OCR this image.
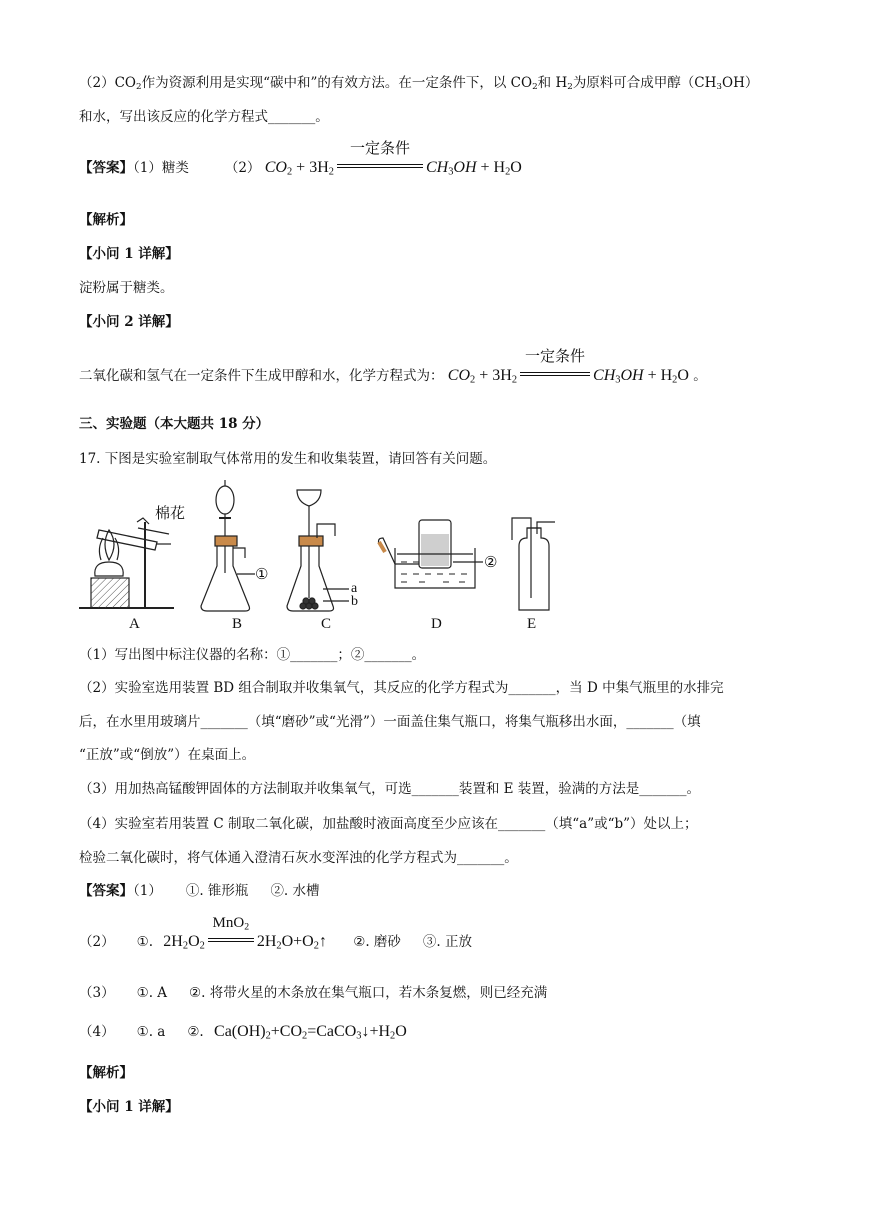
$(2)CO_2$作为资源利用是实现“碳中和”的有效方法。在一定条件下，以 $CO_2$和 $H_2$为原料可合成甲醇$(CH_3OH)$
和水，写出该反应的化学方程式_______。
【答案】（1）糖类	（2） $CO_2 + 3H_2$
一定条件
$CH_3OH + H_2O$
【解析】
【小问 1 详解】
淀粉属于糖类。
【小问 2 详解】
二氧化碳和氢气在一定条件下生成甲醇和水，化学方程式为： $CO_2 + 3H_2$
一定条件
$CH_3OH + H_2O$ 。
三、实验题（本大题共 18 分）
17. 下图是实验室制取气体常用的发生和收集装置，请回答有关问题。
棉花
①
a
b
②
A	B	C	D	E
（1）写出图中标注仪器的名称：①_______；②_______。
（2）实验室选用装置 BD 组合制取并收集氧气，其反应的化学方程式为_______，当 D 中集气瓶里的水排完
后，在水里用玻璃片_______（填“磨砂”或“光滑”）一面盖住集气瓶口，将集气瓶移出水面，_______（填
“正放”或“倒放”）在桌面上。
（3）用加热高锰酸钾固体的方法制取并收集氧气，可选_______装置和 E 装置，验满的方法是_______。
（4）实验室若用装置 C 制取二氧化碳，加盐酸时液面高度至少应该在_______（填“a”或“b”）处以上；
检验二氧化碳时，将气体通入澄清石灰水变浑浊的化学方程式为_______。
【答案】（1） ①. 锥形瓶 ②. 水槽
（2） ①. $2H_2O_2$
MnO$_2$
$2H_2O+O_2↑$ ②. 磨砂 ③. 正放
（3） ①. A ②. 将带火星的木条放在集气瓶口，若木条复燃，则已经充满
（4） ①. a ②. $Ca(OH)_2+CO_2=CaCO_3↓+H_2O$
【解析】
【小问 1 详解】
